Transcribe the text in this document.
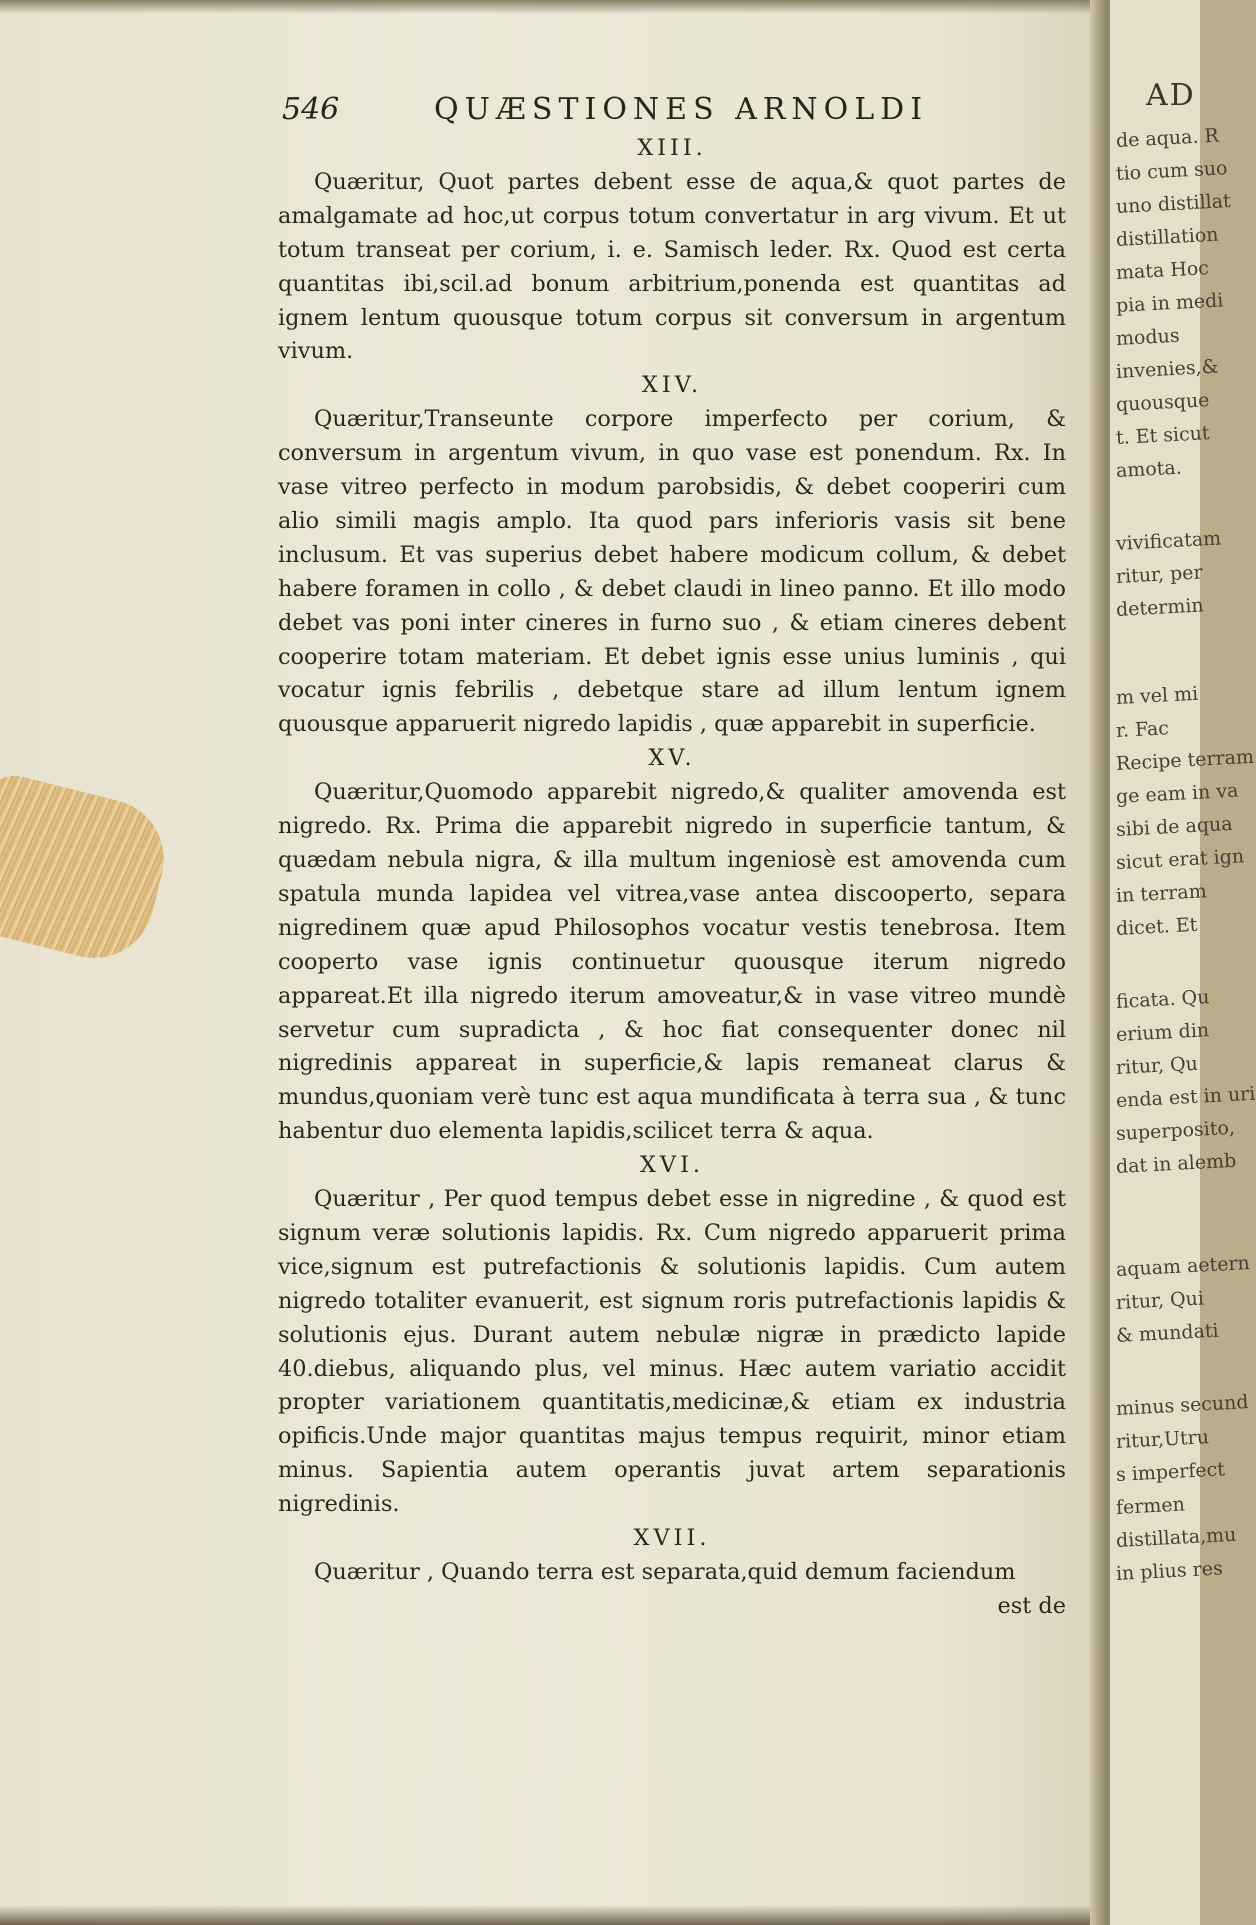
546	QUÆSTIONES ARNOLDI
XIII.

Quæritur, Quot partes debent esse de aqua,& quot partes de amalgamate ad hoc,ut corpus totum convertatur in arg vivum. Et ut totum transeat per corium, i. e. Samisch leder. Rx. Quod est certa quantitas ibi,scil.ad bonum arbitrium,ponenda est quantitas ad ignem lentum quousque totum corpus sit conversum in argentum vivum.

XIV.

Quæritur,Transeunte corpore imperfecto per corium, & conversum in argentum vivum, in quo vase est ponendum. Rx. In vase vitreo perfecto in modum parobsidis, & debet cooperiri cum alio simili magis amplo. Ita quod pars inferioris vasis sit bene inclusum. Et vas superius debet habere modicum collum, & debet habere foramen in collo , & debet claudi in lineo panno. Et illo modo debet vas poni inter cineres in furno suo , & etiam cineres debent cooperire totam materiam. Et debet ignis esse unius luminis , qui vocatur ignis febrilis , debetque stare ad illum lentum ignem quousque apparuerit nigredo lapidis , quæ apparebit in superficie.

XV.

Quæritur,Quomodo apparebit nigredo,& qualiter amovenda est nigredo. Rx. Prima die apparebit nigredo in superficie tantum, & quædam nebula nigra, & illa multum ingeniosè est amovenda cum spatula munda lapidea vel vitrea,vase antea discooperto, separa nigredinem quæ apud Philosophos vocatur vestis tenebrosa. Item cooperto vase ignis continuetur quousque iterum nigredo appareat.Et illa nigredo iterum amoveatur,& in vase vitreo mundè servetur cum supradicta , & hoc fiat consequenter donec nil nigredinis appareat in superficie,& lapis remaneat clarus & mundus,quoniam verè tunc est aqua mundificata à terra sua , & tunc habentur duo elementa lapidis,scilicet terra & aqua.

XVI.

Quæritur , Per quod tempus debet esse in nigredine , & quod est signum veræ solutionis lapidis. Rx. Cum nigredo apparuerit prima vice,signum est putrefactionis & solutionis lapidis. Cum autem nigredo totaliter evanuerit, est signum roris putrefactionis lapidis & solutionis ejus. Durant autem nebulæ nigræ in prædicto lapide 40.diebus, aliquando plus, vel minus. Hæc autem variatio accidit propter variationem quantitatis,medicinæ,& etiam ex industria opificis.Unde major quantitas majus tempus requirit, minor etiam minus. Sapientia autem operantis juvat artem separationis nigredinis.

XVII.

Quæritur , Quando terra est separata,quid demum faciendum

est de
AD
de aqua. R
tio cum suo
uno distillat
distillation
mata Hoc
pia in medi
modus
invenies,&
quousque
t. Et sicut
amota.
vivificatam
ritur, per
determin
m vel mi
r. Fac
Recipe terram
ge eam in va
sibi de aqua
sicut erat ign
in terram
dicet. Et
ficata. Qu
erium din
ritur, Qu
enda est in uri
superposito,
dat in alemb
aquam aetern
ritur, Qui
& mundati
minus secund
ritur,Utru
s imperfect
fermen
distillata,mu
in plius res
